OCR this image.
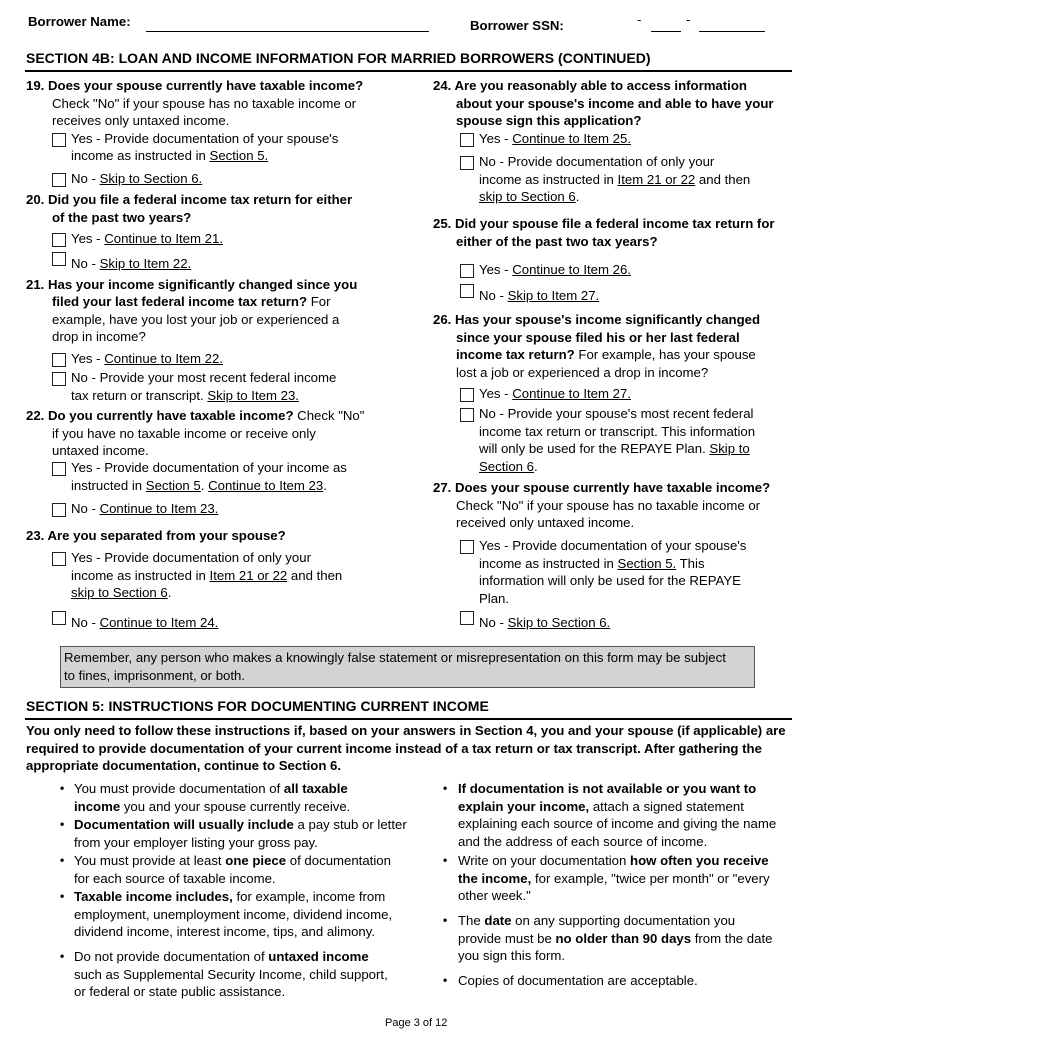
Borrower Name:	Borrower SSN:	-	-
SECTION 4B: LOAN AND INCOME INFORMATION FOR MARRIED BORROWERS (CONTINUED)
19. Does your spouse currently have taxable income?
Check "No" if your spouse has no taxable income or
receives only untaxed income.
Yes - Provide documentation of your spouse's
income as instructed in Section 5.
No - Skip to Section 6.
20. Did you file a federal income tax return for either
of the past two years?
Yes - Continue to Item 21.
No - Skip to Item 22.
21. Has your income significantly changed since you
filed your last federal income tax return? For
example, have you lost your job or experienced a
drop in income?
Yes - Continue to Item 22.
No - Provide your most recent federal income
tax return or transcript. Skip to Item 23.
22. Do you currently have taxable income? Check "No"
if you have no taxable income or receive only
untaxed income.
Yes - Provide documentation of your income as
instructed in Section 5. Continue to Item 23.
No - Continue to Item 23.
23. Are you separated from your spouse?
Yes - Provide documentation of only your
income as instructed in Item 21 or 22 and then
skip to Section 6.
No - Continue to Item 24.
24. Are you reasonably able to access information
about your spouse's income and able to have your
spouse sign this application?
Yes - Continue to Item 25.
No - Provide documentation of only your
income as instructed in Item 21 or 22 and then
skip to Section 6.
25. Did your spouse file a federal income tax return for
either of the past two tax years?
Yes - Continue to Item 26.
No - Skip to Item 27.
26. Has your spouse's income significantly changed
since your spouse filed his or her last federal
income tax return? For example, has your spouse
lost a job or experienced a drop in income?
Yes - Continue to Item 27.
No - Provide your spouse's most recent federal
income tax return or transcript. This information
will only be used for the REPAYE Plan. Skip to
Section 6.
27. Does your spouse currently have taxable income?
Check "No" if your spouse has no taxable income or
received only untaxed income.
Yes - Provide documentation of your spouse's
income as instructed in Section 5. This
information will only be used for the REPAYE
Plan.
No - Skip to Section 6.
Remember, any person who makes a knowingly false statement or misrepresentation on this form may be subject
to fines, imprisonment, or both.
SECTION 5: INSTRUCTIONS FOR DOCUMENTING CURRENT INCOME
You only need to follow these instructions if, based on your answers in Section 4, you and your spouse (if applicable) are
required to provide documentation of your current income instead of a tax return or tax transcript. After gathering the
appropriate documentation, continue to Section 6.
• You must provide documentation of all taxable
income you and your spouse currently receive.
• Documentation will usually include a pay stub or letter
from your employer listing your gross pay.
• You must provide at least one piece of documentation
for each source of taxable income.
• Taxable income includes, for example, income from
employment, unemployment income, dividend income,
dividend income, interest income, tips, and alimony.
• Do not provide documentation of untaxed income
such as Supplemental Security Income, child support,
or federal or state public assistance.
• If documentation is not available or you want to
explain your income, attach a signed statement
explaining each source of income and giving the name
and the address of each source of income.
• Write on your documentation how often you receive
the income, for example, "twice per month" or "every
other week."
• The date on any supporting documentation you
provide must be no older than 90 days from the date
you sign this form.
• Copies of documentation are acceptable.
Page 3 of 12
